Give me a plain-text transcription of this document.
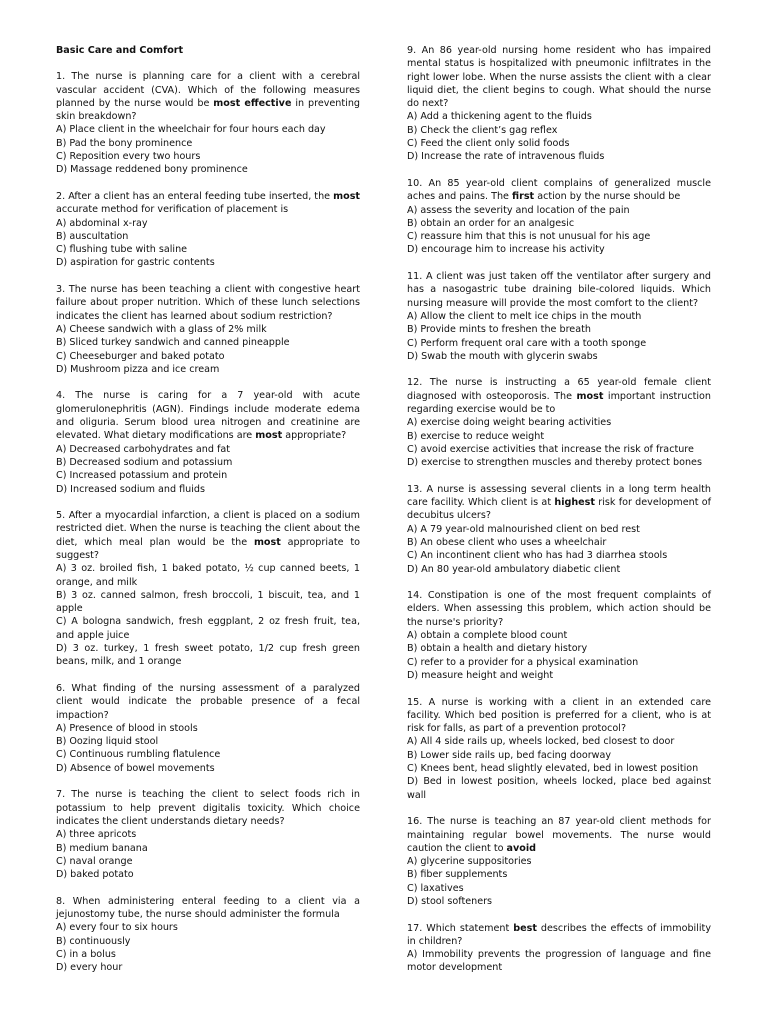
Basic Care and Comfort
1. The nurse is planning care for a client with a cerebral vascular accident (CVA). Which of the following measures planned by the nurse would be most effective in preventing skin breakdown?
A) Place client in the wheelchair for four hours each day
B) Pad the bony prominence
C) Reposition every two hours
D) Massage reddened bony prominence
2. After a client has an enteral feeding tube inserted, the most accurate method for verification of placement is
A) abdominal x-ray
B) auscultation
C) flushing tube with saline
D) aspiration for gastric contents
3. The nurse has been teaching a client with congestive heart failure about proper nutrition. Which of these lunch selections indicates the client has learned about sodium restriction?
A) Cheese sandwich with a glass of 2% milk
B) Sliced turkey sandwich and canned pineapple
C) Cheeseburger and baked potato
D) Mushroom pizza and ice cream
4. The nurse is caring for a 7 year-old with acute glomerulonephritis (AGN). Findings include moderate edema and oliguria. Serum blood urea nitrogen and creatinine are elevated. What dietary modifications are most appropriate?
A) Decreased carbohydrates and fat
B) Decreased sodium and potassium
C) Increased potassium and protein
D) Increased sodium and fluids
5. After a myocardial infarction, a client is placed on a sodium restricted diet. When the nurse is teaching the client about the diet, which meal plan would be the most appropriate to suggest?
A) 3 oz. broiled fish, 1 baked potato, ½ cup canned beets, 1 orange, and milk
B) 3 oz. canned salmon, fresh broccoli, 1 biscuit, tea, and 1 apple
C) A bologna sandwich, fresh eggplant, 2 oz fresh fruit, tea, and apple juice
D) 3 oz. turkey, 1 fresh sweet potato, 1/2 cup fresh green beans, milk, and 1 orange
6. What finding of the nursing assessment of a paralyzed client would indicate the probable presence of a fecal impaction?
A) Presence of blood in stools
B) Oozing liquid stool
C) Continuous rumbling flatulence
D) Absence of bowel movements
7. The nurse is teaching the client to select foods rich in potassium to help prevent digitalis toxicity. Which choice indicates the client understands dietary needs?
A) three apricots
B) medium banana
C) naval orange
D) baked potato
8. When administering enteral feeding to a client via a jejunostomy tube, the nurse should administer the formula
A) every four to six hours
B) continuously
C) in a bolus
D) every hour
9. An 86 year-old nursing home resident who has impaired mental status is hospitalized with pneumonic infiltrates in the right lower lobe. When the nurse assists the client with a clear liquid diet, the client begins to cough. What should the nurse do next?
A) Add a thickening agent to the fluids
B) Check the client’s gag reflex
C) Feed the client only solid foods
D) Increase the rate of intravenous fluids
10. An 85 year-old client complains of generalized muscle aches and pains. The first action by the nurse should be
A) assess the severity and location of the pain
B) obtain an order for an analgesic
C) reassure him that this is not unusual for his age
D) encourage him to increase his activity
11. A client was just taken off the ventilator after surgery and has a nasogastric tube draining bile-colored liquids. Which nursing measure will provide the most comfort to the client?
A) Allow the client to melt ice chips in the mouth
B) Provide mints to freshen the breath
C) Perform frequent oral care with a tooth sponge
D) Swab the mouth with glycerin swabs
12. The nurse is instructing a 65 year-old female client diagnosed with osteoporosis. The most important instruction regarding exercise would be to
A) exercise doing weight bearing activities
B) exercise to reduce weight
C) avoid exercise activities that increase the risk of fracture
D) exercise to strengthen muscles and thereby protect bones
13. A nurse is assessing several clients in a long term health care facility. Which client is at highest risk for development of decubitus ulcers?
A) A 79 year-old malnourished client on bed rest
B) An obese client who uses a wheelchair
C) An incontinent client who has had 3 diarrhea stools
D) An 80 year-old ambulatory diabetic client
14. Constipation is one of the most frequent complaints of elders. When assessing this problem, which action should be the nurse's priority?
A) obtain a complete blood count
B) obtain a health and dietary history
C) refer to a provider for a physical examination
D) measure height and weight
15. A nurse is working with a client in an extended care facility. Which bed position is preferred for a client, who is at risk for falls, as part of a prevention protocol?
A) All 4 side rails up, wheels locked, bed closest to door
B) Lower side rails up, bed facing doorway
C) Knees bent, head slightly elevated, bed in lowest position
D) Bed in lowest position, wheels locked, place bed against wall
16. The nurse is teaching an 87 year-old client methods for maintaining regular bowel movements. The nurse would caution the client to avoid
A) glycerine suppositories
B) fiber supplements
C) laxatives
D) stool softeners
17. Which statement best describes the effects of immobility in children?
A) Immobility prevents the progression of language and fine motor development
